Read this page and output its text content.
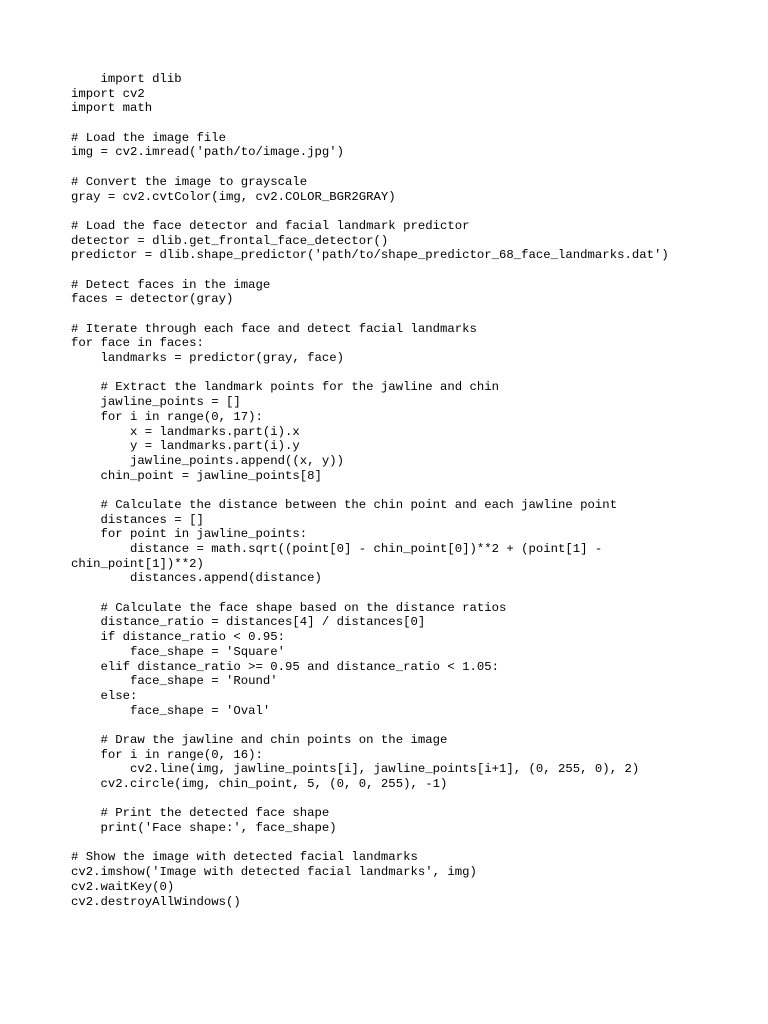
import dlib
import cv2
import math
# Load the image file
img = cv2.imread('path/to/image.jpg')
# Convert the image to grayscale
gray = cv2.cvtColor(img, cv2.COLOR_BGR2GRAY)
# Load the face detector and facial landmark predictor
detector = dlib.get_frontal_face_detector()
predictor = dlib.shape_predictor('path/to/shape_predictor_68_face_landmarks.dat')
# Detect faces in the image
faces = detector(gray)
# Iterate through each face and detect facial landmarks
for face in faces:
landmarks = predictor(gray, face)
# Extract the landmark points for the jawline and chin
jawline_points = []
for i in range(0, 17):
x = landmarks.part(i).x
y = landmarks.part(i).y
jawline_points.append((x, y))
chin_point = jawline_points[8]
# Calculate the distance between the chin point and each jawline point
distances = []
for point in jawline_points:
distance = math.sqrt((point[0] - chin_point[0])**2 + (point[1] -
chin_point[1])**2)
distances.append(distance)
# Calculate the face shape based on the distance ratios
distance_ratio = distances[4] / distances[0]
if distance_ratio < 0.95:
face_shape = 'Square'
elif distance_ratio >= 0.95 and distance_ratio < 1.05:
face_shape = 'Round'
else:
face_shape = 'Oval'
# Draw the jawline and chin points on the image
for i in range(0, 16):
cv2.line(img, jawline_points[i], jawline_points[i+1], (0, 255, 0), 2)
cv2.circle(img, chin_point, 5, (0, 0, 255), -1)
# Print the detected face shape
print('Face shape:', face_shape)
# Show the image with detected facial landmarks
cv2.imshow('Image with detected facial landmarks', img)
cv2.waitKey(0)
cv2.destroyAllWindows()
